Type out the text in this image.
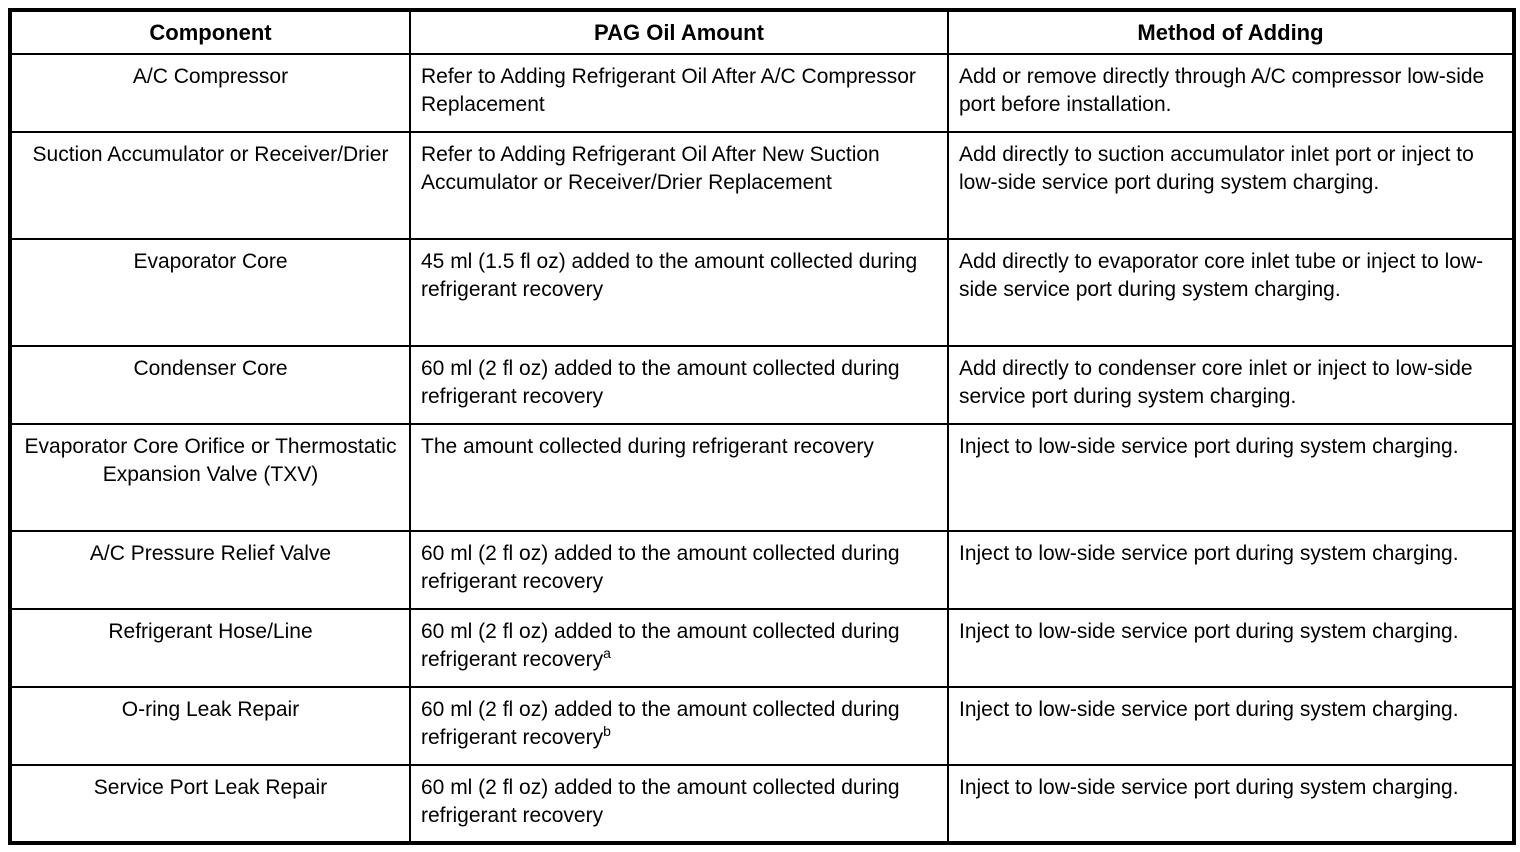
Component	PAG Oil Amount	Method of Adding
A/C Compressor	Refer to Adding Refrigerant Oil After A/C Compressor Replacement	Add or remove directly through A/C compressor low-side port before installation.
Suction Accumulator or Receiver/Drier	Refer to Adding Refrigerant Oil After New Suction Accumulator or Receiver/Drier Replacement	Add directly to suction accumulator inlet port or inject to low-side service port during system charging.
Evaporator Core	45 ml (1.5 fl oz) added to the amount collected during refrigerant recovery	Add directly to evaporator core inlet tube or inject to low-side service port during system charging.
Condenser Core	60 ml (2 fl oz) added to the amount collected during refrigerant recovery	Add directly to condenser core inlet or inject to low-side service port during system charging.
Evaporator Core Orifice or Thermostatic Expansion Valve (TXV)	The amount collected during refrigerant recovery	Inject to low-side service port during system charging.
A/C Pressure Relief Valve	60 ml (2 fl oz) added to the amount collected during refrigerant recovery	Inject to low-side service port during system charging.
Refrigerant Hose/Line	60 ml (2 fl oz) added to the amount collected during refrigerant recovery$^a$	Inject to low-side service port during system charging.
O-ring Leak Repair	60 ml (2 fl oz) added to the amount collected during refrigerant recovery$^b$	Inject to low-side service port during system charging.
Service Port Leak Repair	60 ml (2 fl oz) added to the amount collected during refrigerant recovery	Inject to low-side service port during system charging.
